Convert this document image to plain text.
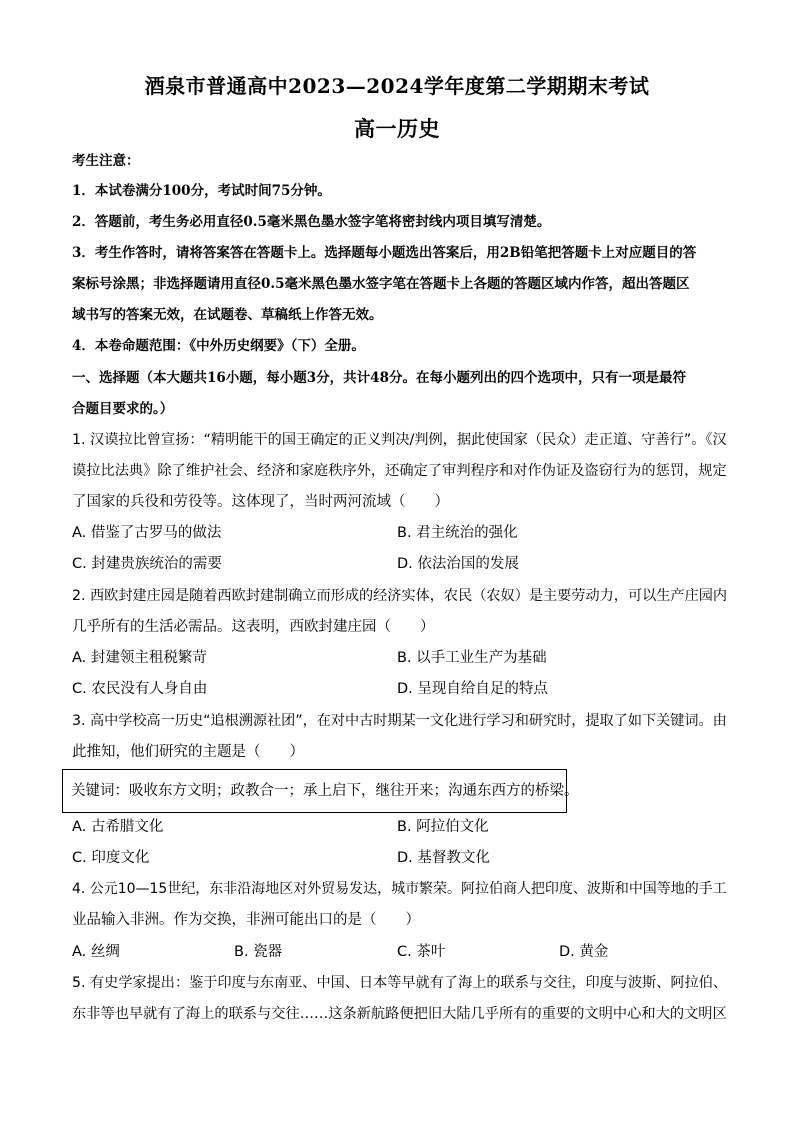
酒泉市普通高中2023—2024学年度第二学期期末考试
高一历史
考生注意：
1．本试卷满分100分，考试时间75分钟。
2．答题前，考生务必用直径0.5毫米黑色墨水签字笔将密封线内项目填写清楚。
3．考生作答时，请将答案答在答题卡上。选择题每小题选出答案后，用2B铅笔把答题卡上对应题目的答
案标号涂黑；非选择题请用直径0.5毫米黑色墨水签字笔在答题卡上各题的答题区域内作答，超出答题区
域书写的答案无效，在试题卷、草稿纸上作答无效。
4．本卷命题范围：《中外历史纲要》（下）全册。
一、选择题（本大题共16小题，每小题3分，共计48分。在每小题列出的四个选项中，只有一项是最符
合题目要求的。）
1. 汉谟拉比曾宣扬：“精明能干的国王确定的正义判决/判例，据此使国家（民众）走正道、守善行”。《汉
谟拉比法典》除了维护社会、经济和家庭秩序外，还确定了审判程序和对作伪证及盗窃行为的惩罚，规定
了国家的兵役和劳役等。这体现了，当时两河流域（　　）
A. 借鉴了古罗马的做法	B. 君主统治的强化
C. 封建贵族统治的需要	D. 依法治国的发展
2. 西欧封建庄园是随着西欧封建制确立而形成的经济实体，农民（农奴）是主要劳动力，可以生产庄园内
几乎所有的生活必需品。这表明，西欧封建庄园（　　）
A. 封建领主租税繁苛	B. 以手工业生产为基础
C. 农民没有人身自由	D. 呈现自给自足的特点
3. 高中学校高一历史“追根溯源社团”，在对中古时期某一文化进行学习和研究时，提取了如下关键词。由
此推知，他们研究的主题是（　　）
关键词：吸收东方文明；政教合一；承上启下，继往开来；沟通东西方的桥梁。
A. 古希腊文化	B. 阿拉伯文化
C. 印度文化	D. 基督教文化
4. 公元10—15世纪，东非沿海地区对外贸易发达，城市繁荣。阿拉伯商人把印度、波斯和中国等地的手工
业品输入非洲。作为交换，非洲可能出口的是（　　）
A. 丝绸	B. 瓷器	C. 茶叶	D. 黄金
5. 有史学家提出：鉴于印度与东南亚、中国、日本等早就有了海上的联系与交往，印度与波斯、阿拉伯、
东非等也早就有了海上的联系与交往……这条新航路便把旧大陆几乎所有的重要的文明中心和大的文明区
